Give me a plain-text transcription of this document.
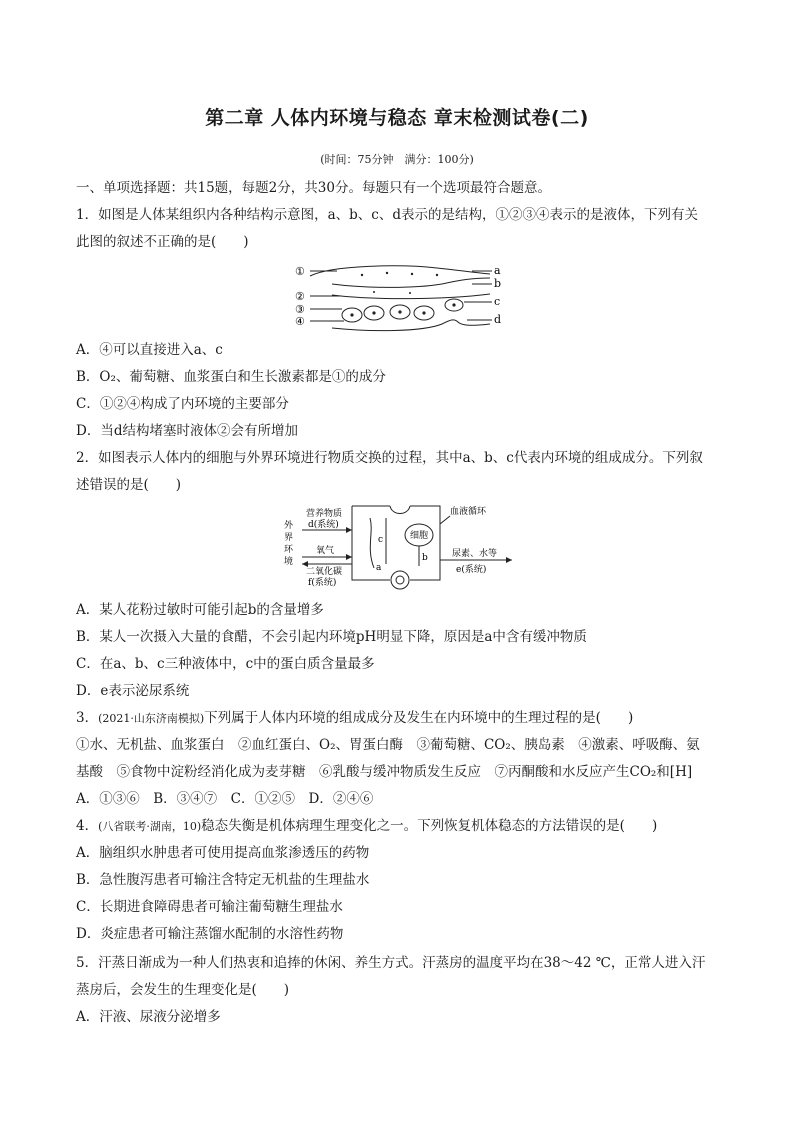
第二章 人体内环境与稳态 章末检测试卷(二)
(时间：75分钟　满分：100分)
一、单项选择题：共15题，每题2分，共30分。每题只有一个选项最符合题意。
1．如图是人体某组织内各种结构示意图，a、b、c、d表示的是结构，①②③④表示的是液体，下列有关
此图的叙述不正确的是(　　)
①
②
③
④
a
b
c
d
A．④可以直接进入a、c
B．O₂、葡萄糖、血浆蛋白和生长激素都是①的成分
C．①②④构成了内环境的主要部分
D．当d结构堵塞时液体②会有所增加
2．如图表示人体内的细胞与外界环境进行物质交换的过程，其中a、b、c代表内环境的组成成分。下列叙
述错误的是(　　)
外
界
环
境
营养物质
d(系统)
氧气
二氧化碳
f(系统)
血液循环
细胞
尿素、水等
e(系统)
a
b
c
A．某人花粉过敏时可能引起b的含量增多
B．某人一次摄入大量的食醋，不会引起内环境pH明显下降，原因是a中含有缓冲物质
C．在a、b、c三种液体中，c中的蛋白质含量最多
D．e表示泌尿系统
3．(2021·山东济南模拟)下列属于人体内环境的组成成分及发生在内环境中的生理过程的是(　　)
①水、无机盐、血浆蛋白　②血红蛋白、O₂、胃蛋白酶　③葡萄糖、CO₂、胰岛素　④激素、呼吸酶、氨
基酸　⑤食物中淀粉经消化成为麦芽糖　⑥乳酸与缓冲物质发生反应　⑦丙酮酸和水反应产生CO₂和[H]
A．①③⑥　B．③④⑦　C．①②⑤　D．②④⑥
4．(八省联考·湖南，10)稳态失衡是机体病理生理变化之一。下列恢复机体稳态的方法错误的是(　　)
A．脑组织水肿患者可使用提高血浆渗透压的药物
B．急性腹泻患者可输注含特定无机盐的生理盐水
C．长期进食障碍患者可输注葡萄糖生理盐水
D．炎症患者可输注蒸馏水配制的水溶性药物
5．汗蒸日渐成为一种人们热衷和追捧的休闲、养生方式。汗蒸房的温度平均在38～42 ℃，正常人进入汗
蒸房后，会发生的生理变化是(　　)
A．汗液、尿液分泌增多
